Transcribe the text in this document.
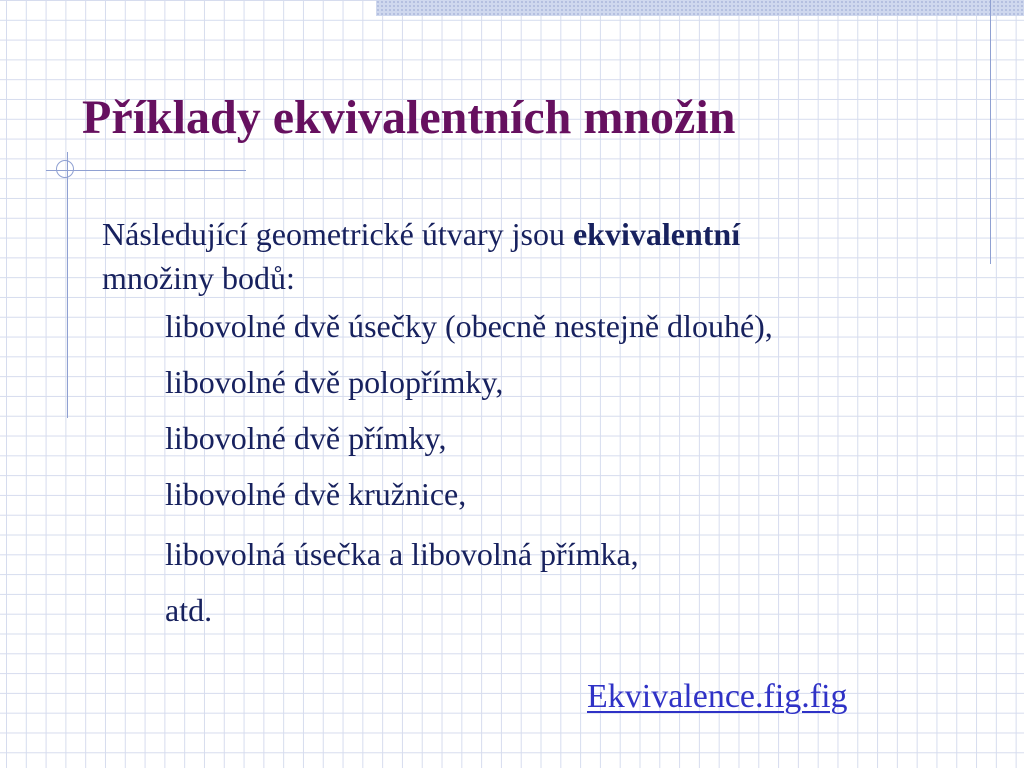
Příklady ekvivalentních množin

Následující geometrické útvary jsou ekvivalentní
množiny bodů:

libovolné dvě úsečky (obecně nestejně dlouhé),
libovolné dvě polopřímky,
libovolné dvě přímky,
libovolné dvě kružnice,
libovolná úsečka a libovolná přímka,
atd.
Ekvivalence.fig.fig
